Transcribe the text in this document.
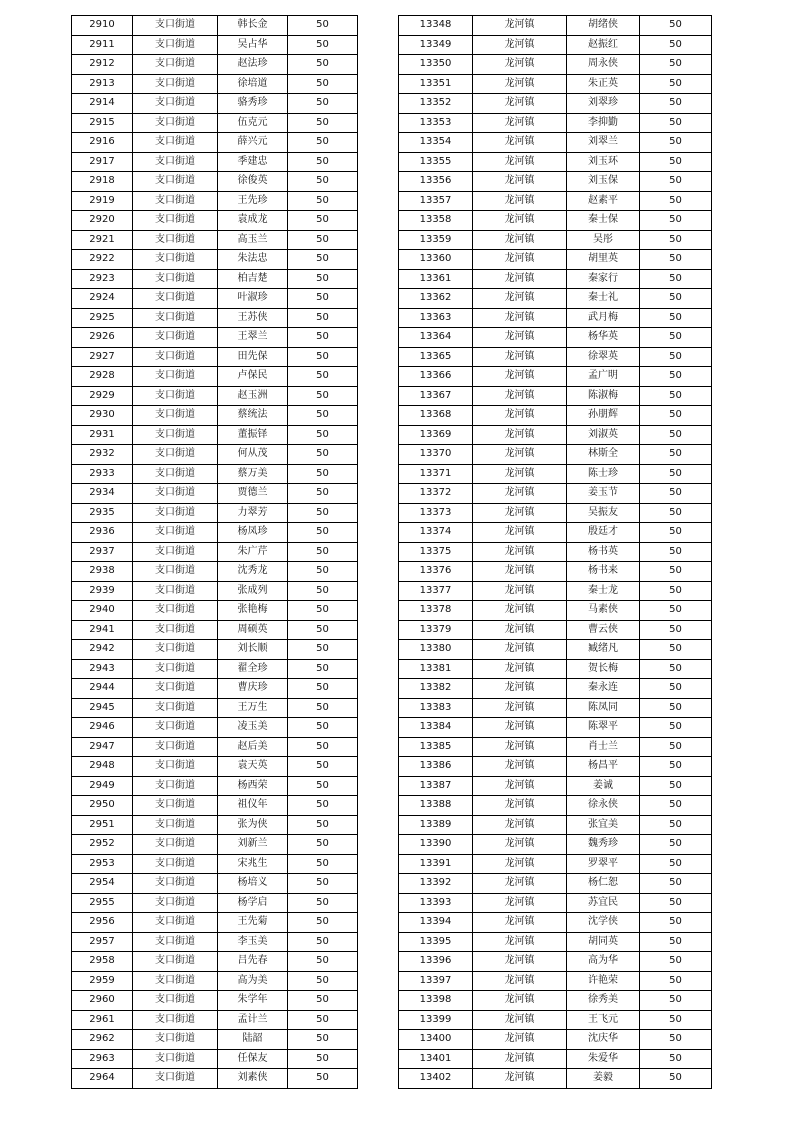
2910	支口街道	韩长金	50
2911	支口街道	吴占华	50
2912	支口街道	赵法珍	50
2913	支口街道	徐培道	50
2914	支口街道	骆秀珍	50
2915	支口街道	伍克元	50
2916	支口街道	薛兴元	50
2917	支口街道	季建忠	50
2918	支口街道	徐俊英	50
2919	支口街道	王先珍	50
2920	支口街道	袁成龙	50
2921	支口街道	高玉兰	50
2922	支口街道	朱法忠	50
2923	支口街道	柏吉楚	50
2924	支口街道	叶淑珍	50
2925	支口街道	王苏侠	50
2926	支口街道	王翠兰	50
2927	支口街道	田先保	50
2928	支口街道	卢保民	50
2929	支口街道	赵玉洲	50
2930	支口街道	蔡统法	50
2931	支口街道	董振铎	50
2932	支口街道	何从茂	50
2933	支口街道	蔡万美	50
2934	支口街道	贾德兰	50
2935	支口街道	力翠芳	50
2936	支口街道	杨凤珍	50
2937	支口街道	朱广芹	50
2938	支口街道	沈秀龙	50
2939	支口街道	张成列	50
2940	支口街道	张艳梅	50
2941	支口街道	周硕英	50
2942	支口街道	刘长顺	50
2943	支口街道	翟全珍	50
2944	支口街道	曹庆珍	50
2945	支口街道	王万生	50
2946	支口街道	凌玉美	50
2947	支口街道	赵后美	50
2948	支口街道	袁天英	50
2949	支口街道	杨西荣	50
2950	支口街道	祖仪年	50
2951	支口街道	张为侠	50
2952	支口街道	刘新兰	50
2953	支口街道	宋兆生	50
2954	支口街道	杨培义	50
2955	支口街道	杨学启	50
2956	支口街道	王先菊	50
2957	支口街道	李玉美	50
2958	支口街道	吕先春	50
2959	支口街道	高为美	50
2960	支口街道	朱学年	50
2961	支口街道	孟计兰	50
2962	支口街道	陆韶	50
2963	支口街道	任保友	50
2964	支口街道	刘素侠	50
13348	龙河镇	胡绪侠	50
13349	龙河镇	赵振红	50
13350	龙河镇	周永侠	50
13351	龙河镇	朱正英	50
13352	龙河镇	刘翠珍	50
13353	龙河镇	李抑勤	50
13354	龙河镇	刘翠兰	50
13355	龙河镇	刘玉环	50
13356	龙河镇	刘玉保	50
13357	龙河镇	赵素平	50
13358	龙河镇	秦士保	50
13359	龙河镇	吴彤	50
13360	龙河镇	胡里英	50
13361	龙河镇	秦家行	50
13362	龙河镇	秦士礼	50
13363	龙河镇	武月梅	50
13364	龙河镇	杨华英	50
13365	龙河镇	徐翠英	50
13366	龙河镇	孟广明	50
13367	龙河镇	陈淑梅	50
13368	龙河镇	孙朋辉	50
13369	龙河镇	刘淑英	50
13370	龙河镇	林斯全	50
13371	龙河镇	陈士珍	50
13372	龙河镇	姜玉节	50
13373	龙河镇	吴振友	50
13374	龙河镇	殷廷才	50
13375	龙河镇	杨书英	50
13376	龙河镇	杨书来	50
13377	龙河镇	秦士龙	50
13378	龙河镇	马素侠	50
13379	龙河镇	曹云侠	50
13380	龙河镇	臧绪凡	50
13381	龙河镇	贺长梅	50
13382	龙河镇	秦永连	50
13383	龙河镇	陈凤同	50
13384	龙河镇	陈翠平	50
13385	龙河镇	肖士兰	50
13386	龙河镇	杨昌平	50
13387	龙河镇	姜诚	50
13388	龙河镇	徐永侠	50
13389	龙河镇	张宜美	50
13390	龙河镇	魏秀珍	50
13391	龙河镇	罗翠平	50
13392	龙河镇	杨仁恕	50
13393	龙河镇	苏宜民	50
13394	龙河镇	沈学侠	50
13395	龙河镇	胡同英	50
13396	龙河镇	高为华	50
13397	龙河镇	许艳荣	50
13398	龙河镇	徐秀美	50
13399	龙河镇	王飞元	50
13400	龙河镇	沈庆华	50
13401	龙河镇	朱爱华	50
13402	龙河镇	姜毅	50
